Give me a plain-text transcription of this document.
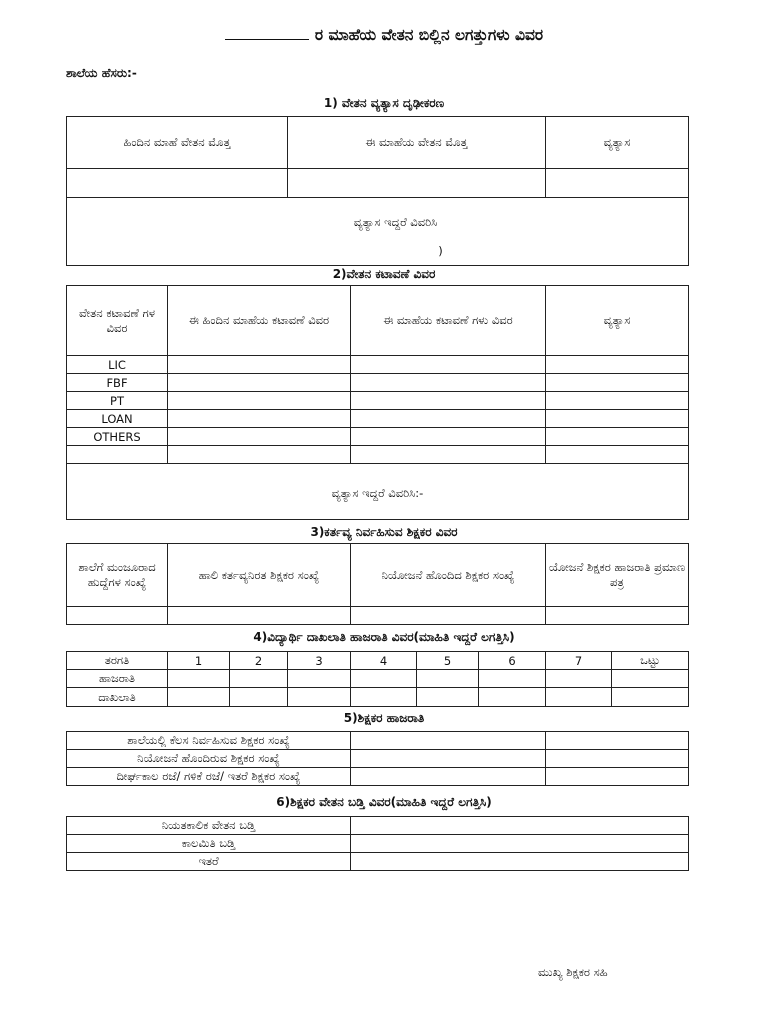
ರ ಮಾಹೆಯ ವೇತನ ಬಿಲ್ಲಿನ ಲಗತ್ತುಗಳು ವಿವರ
ಶಾಲೆಯ ಹೆಸರು:-
1) ವೇತನ ವ್ಯತ್ಯಾಸ ದೃಢೀಕರಣ
ಹಿಂದಿನ ಮಾಹೆ ವೇತನ ಮೊತ್ತ	ಈ ಮಾಹೆಯ ವೇತನ ಮೊತ್ತ	ವ್ಯತ್ಯಾಸ

ವ್ಯತ್ಯಾಸ ಇದ್ದರೆ ವಿವರಿಸಿ
)		
2)ವೇತನ ಕಟಾವಣೆ ವಿವರ
ವೇತನ ಕಟಾವಣೆ ಗಳ ವಿವರ	ಈ ಹಿಂದಿನ ಮಾಹೆಯ ಕಟಾವಣೆ ವಿವರ	ಈ ಮಾಹೆಯ ಕಟಾವಣೆ ಗಳು ವಿವರ	ವ್ಯತ್ಯಾಸ
LIC			
FBF			
PT			
LOAN			
OTHERS			

ವ್ಯತ್ಯಾಸ ಇದ್ದರೆ ವಿವರಿಸಿ:-			
3)ಕರ್ತವ್ಯ ನಿರ್ವಹಿಸುವ ಶಿಕ್ಷಕರ ವಿವರ
ಶಾಲೆಗೆ ಮಂಜೂರಾದ ಹುದ್ದೆಗಳ ಸಂಖ್ಯೆ	ಹಾಲಿ ಕರ್ತವ್ಯನಿರತ ಶಿಕ್ಷಕರ ಸಂಖ್ಯೆ	ನಿಯೋಜನೆ ಹೊಂದಿದ ಶಿಕ್ಷಕರ ಸಂಖ್ಯೆ	ಯೋಜನೆ ಶಿಕ್ಷಕರ ಹಾಜರಾತಿ ಪ್ರಮಾಣ ಪತ್ರ

4)ವಿದ್ಯಾರ್ಥಿ ದಾಖಲಾತಿ ಹಾಜರಾತಿ ವಿವರ(ಮಾಹಿತಿ ಇದ್ದರೆ ಲಗತ್ತಿಸಿ)
ತರಗತಿ	1	2	3	4	5	6	7	ಒಟ್ಟು
ಹಾಜರಾತಿ								
ದಾಖಲಾತಿ								
5)ಶಿಕ್ಷಕರ ಹಾಜರಾತಿ
ಶಾಲೆಯಲ್ಲಿ ಕೆಲಸ ನಿರ್ವಹಿಸುವ ಶಿಕ್ಷಕರ ಸಂಖ್ಯೆ		
ನಿಯೋಜನೆ ಹೊಂದಿರುವ ಶಿಕ್ಷಕರ ಸಂಖ್ಯೆ		
ದೀರ್ಘಕಾಲ ರಜೆ/ ಗಳಿಕೆ ರಜೆ/ ಇತರೆ ಶಿಕ್ಷಕರ ಸಂಖ್ಯೆ		
6)ಶಿಕ್ಷಕರ ವೇತನ ಬಡ್ತಿ ವಿವರ(ಮಾಹಿತಿ ಇದ್ದರೆ ಲಗತ್ತಿಸಿ)
ನಿಯತಕಾಲಿಕ ವೇತನ ಬಡ್ತಿ	
ಕಾಲಮಿತಿ ಬಡ್ತಿ	
ಇತರೆ	
ಮುಖ್ಯ ಶಿಕ್ಷಕರ ಸಹಿ
